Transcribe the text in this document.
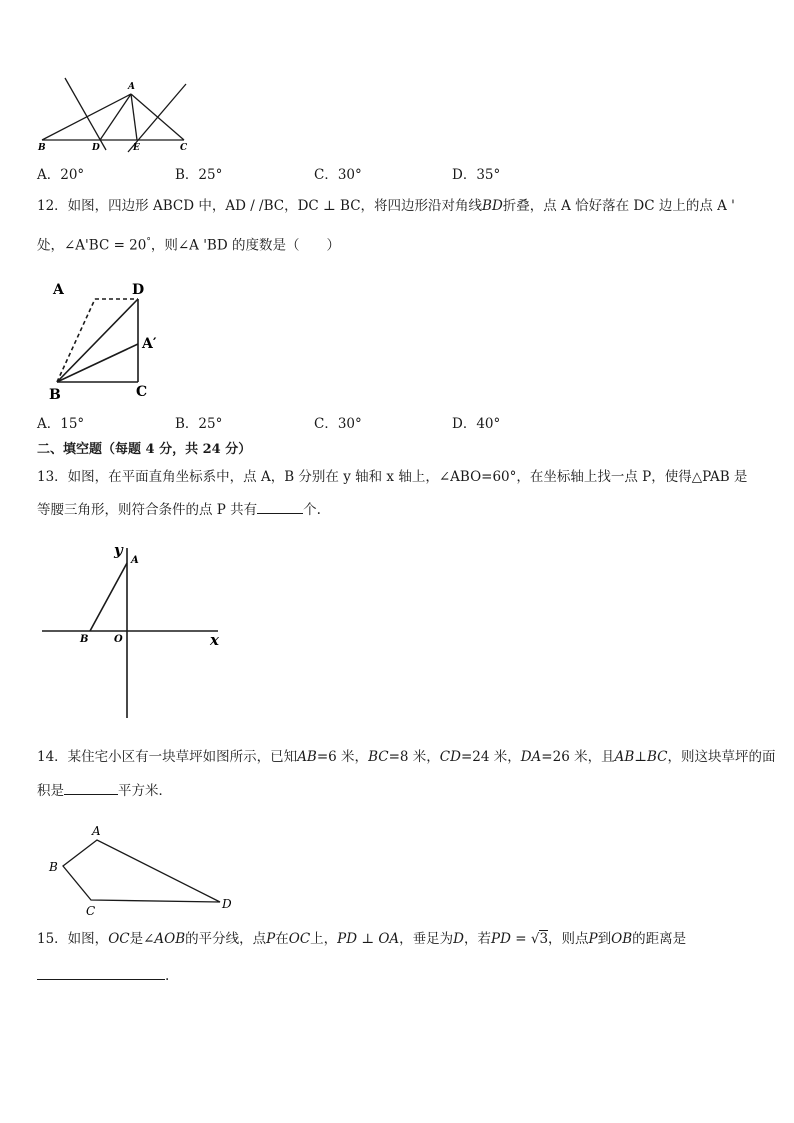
A
B	D	E	C
A．20°	B．25°	C．30°	D．35°
12．如图，四边形 ABCD 中，AD / /BC，DC ⊥ BC，将四边形沿对角线BD折叠，点 A 恰好落在 DC 边上的点 A '
处，∠A'BC = 20°，则∠A 'BD 的度数是（　　）
A	D
A′
B	C
A．15°	B．25°	C．30°	D．40°
二、填空题（每题 4 分，共 24 分）
13．如图，在平面直角坐标系中，点 A，B 分别在 y 轴和 x 轴上，∠ABO=60°，在坐标轴上找一点 P，使得△PAB 是
等腰三角形，则符合条件的点 P 共有	个.
y
A
B	O	x
14．某住宅小区有一块草坪如图所示，已知AB=6 米，BC=8 米，CD=24 米，DA=26 米，且AB⊥BC，则这块草坪的面
积是	平方米．
A
B
C	D
15．如图，OC是∠AOB的平分线，点P在OC上，PD ⊥ OA，垂足为D，若PD = √3，则点P到OB的距离是
.
